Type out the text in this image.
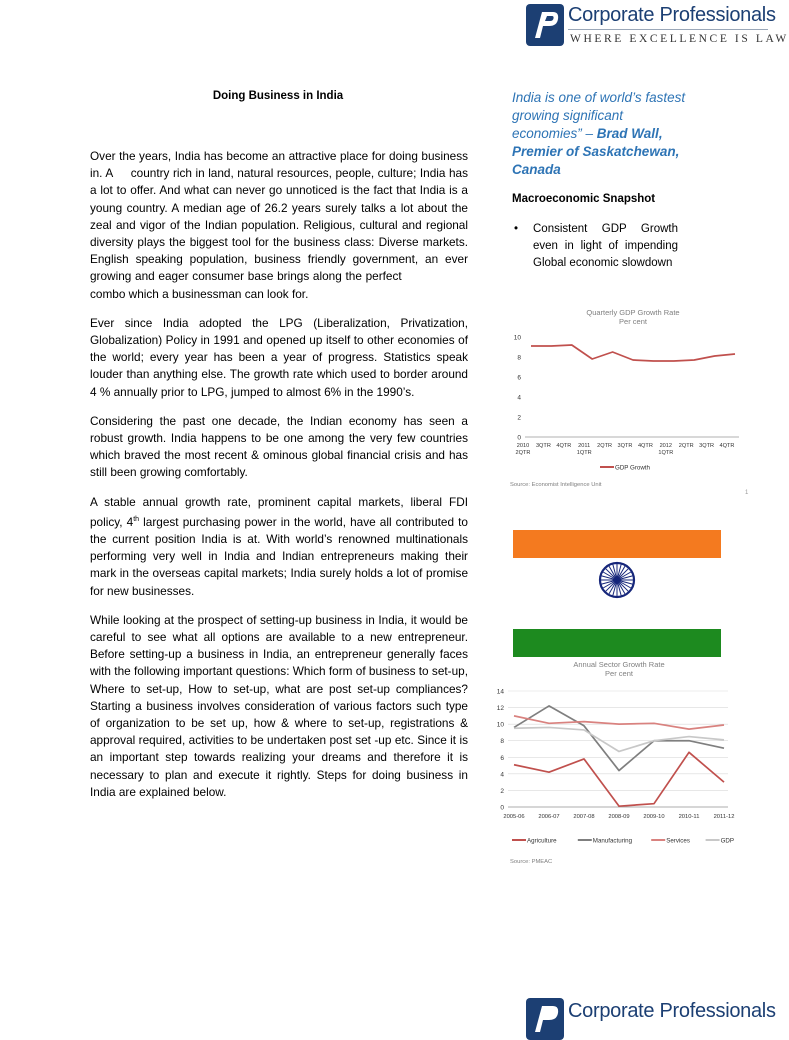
Corporate Professionals
WHERE EXCELLENCE IS LAW
Doing Business in India

Over the years, India has become an attractive place for doing business in. A     country rich in land, natural resources, people, culture; India has a lot to offer. And what can never go unnoticed is the fact that India is a young country. A median age of 26.2 years surely talks a lot about the zeal and vigor of the Indian population. Religious, cultural and regional diversity plays the biggest tool for the business class: Diverse markets. English speaking population, business friendly government, an ever growing and eager consumer base brings along the perfect                   combo which a businessman can look for.

Ever since India adopted the LPG (Liberalization, Privatization, Globalization) Policy in 1991 and opened up itself to other economies of the world; every year has been a year of progress. Statistics speak louder than anything else. The growth rate which used to border around 4 % annually prior to LPG, jumped to almost 6% in the 1990’s.

Considering the past one decade, the Indian economy has seen a robust growth. India happens to be one among the very few countries which braved the most recent & ominous global financial crisis and has still been growing comfortably.

A stable annual growth rate, prominent capital markets, liberal FDI policy, 4th largest purchasing power in the world, have all contributed to the current position India is at. With world’s renowned multinationals performing very well in India and Indian entrepreneurs making their mark in the overseas capital markets; India surely holds a lot of promise for new businesses.

While looking at the prospect of setting-up business in India, it would be careful to see what all options are available to a new entrepreneur. Before setting-up a business in India, an entrepreneur generally faces with the following important questions: Which form of business to set-up, Where to set-up, How to set-up, what are post set-up compliances? Starting a business involves consideration of various factors such type of organization to be set up, how & where to set-up, registrations & approval required, activities to be undertaken post set -up etc. Since it is an important step towards realizing your dreams and therefore it is necessary to plan and execute it rightly. Steps for doing business in India are explained below.

India is one of world’s fastest growing significant economies” – Brad Wall, Premier of Saskatchewan, Canada
Macroeconomic Snapshot
• Consistent GDP Growth even in light of impending Global economic slowdown
Quarterly GDP Growth Rate
Per cent
0
2
4
6
8
10
2010
2QTR
3QTR 4QTR 2011
1QTR
2QTR 3QTR 4QTR 2012
1QTR
2QTR 3QTR 4QTR
GDP Growth
Source: Economist Intelligence Unit
1
Annual Sector Growth Rate
Per cent
0
2
4
6
8
10
12
14
2005-06 2006-07 2007-08 2008-09 2009-10 2010-11 2011-12
Agriculture	Manufacturing	Services	GDP
Source: PMEAC
Corporate Professionals
